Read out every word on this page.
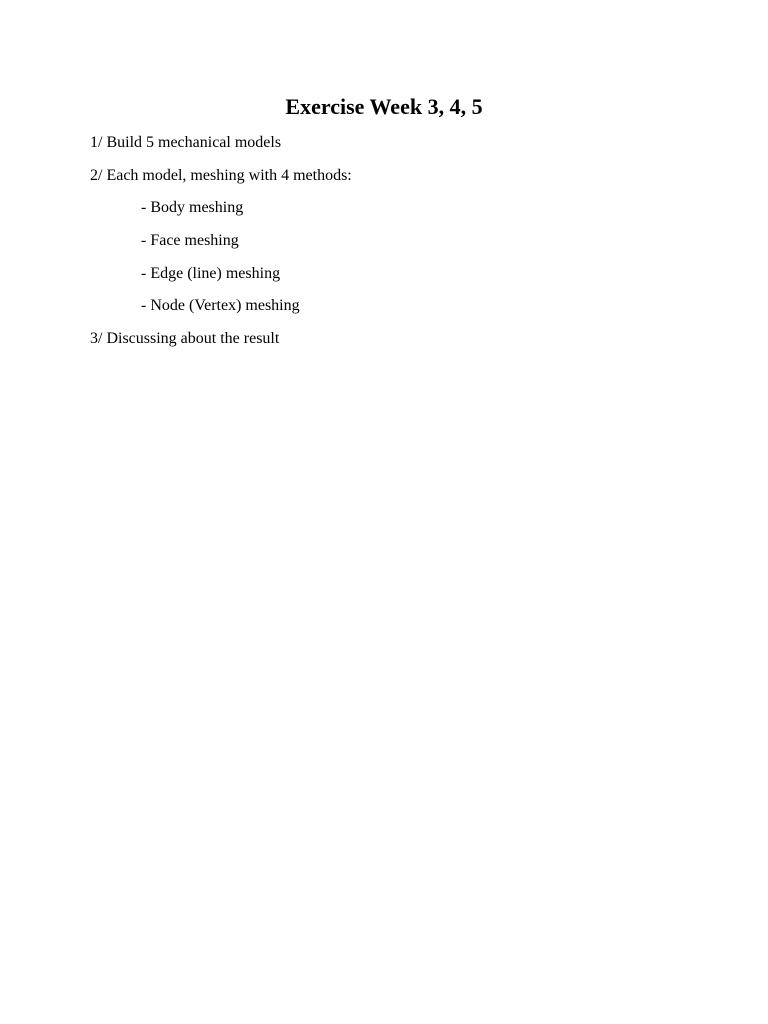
Exercise Week 3, 4, 5

1/ Build 5 mechanical models

2/ Each model, meshing with 4 methods:

- Body meshing

- Face meshing

- Edge (line) meshing

- Node (Vertex) meshing

3/ Discussing about the result
